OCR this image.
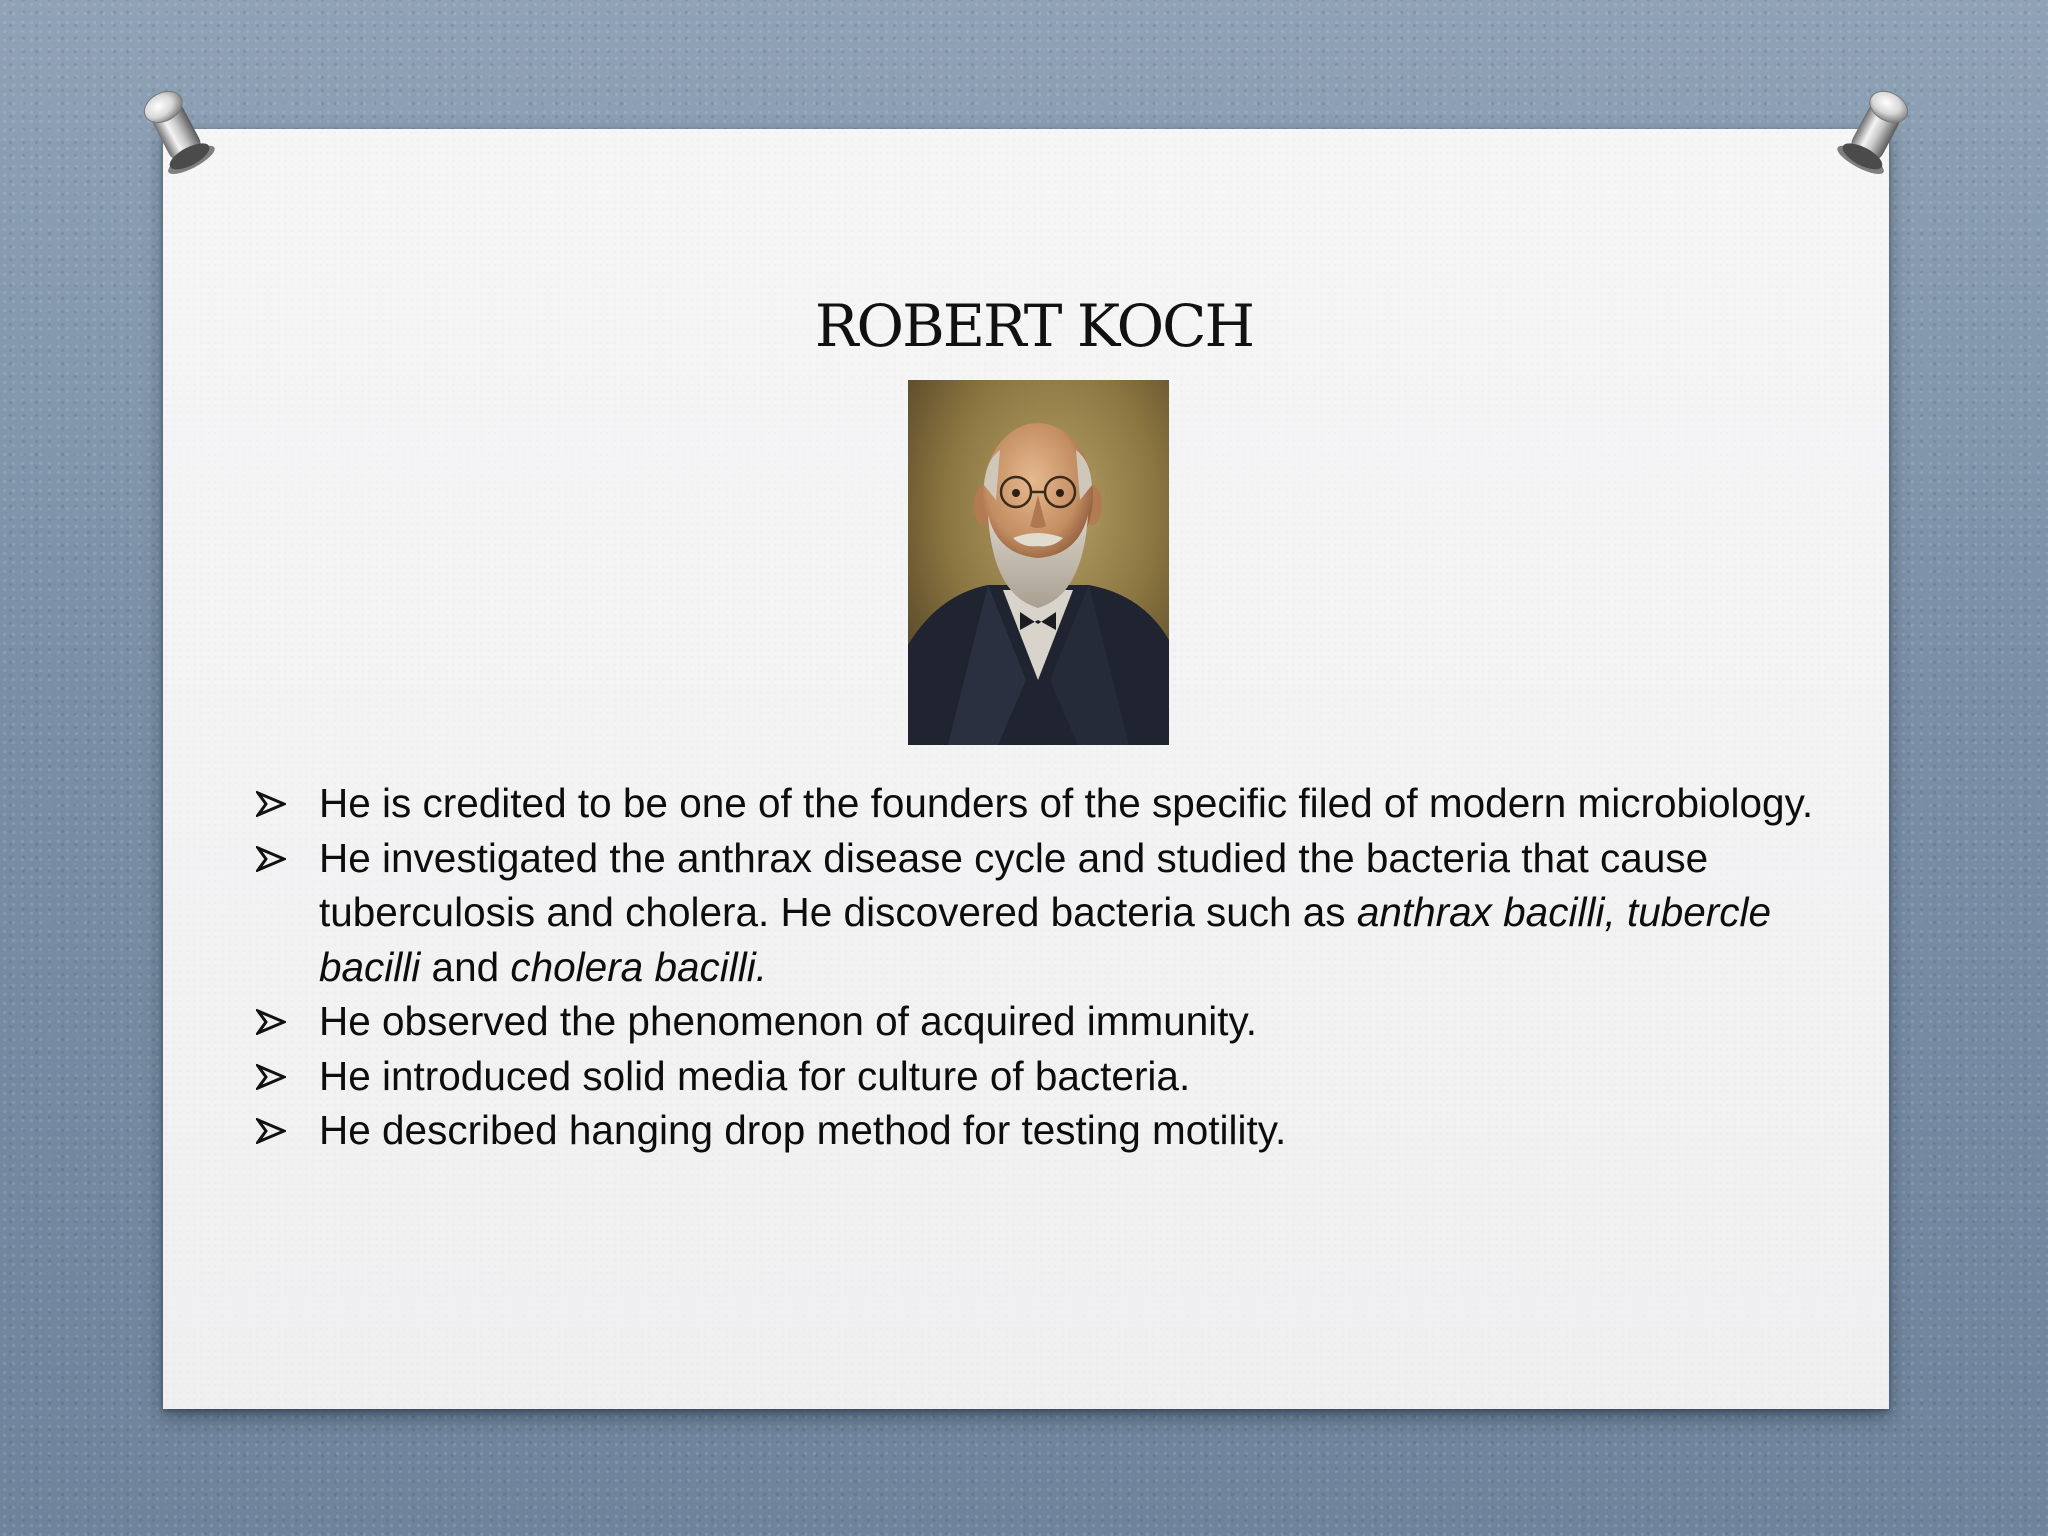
ROBERT KOCH
He is credited to be one of the founders of the specific filed of modern microbiology.
He investigated the anthrax disease cycle and studied the bacteria that cause tuberculosis and cholera. He discovered bacteria such as anthrax bacilli, tubercle bacilli and cholera bacilli.
He observed the phenomenon of acquired immunity.
He introduced solid media for culture of bacteria.
He described hanging drop method for testing motility.
